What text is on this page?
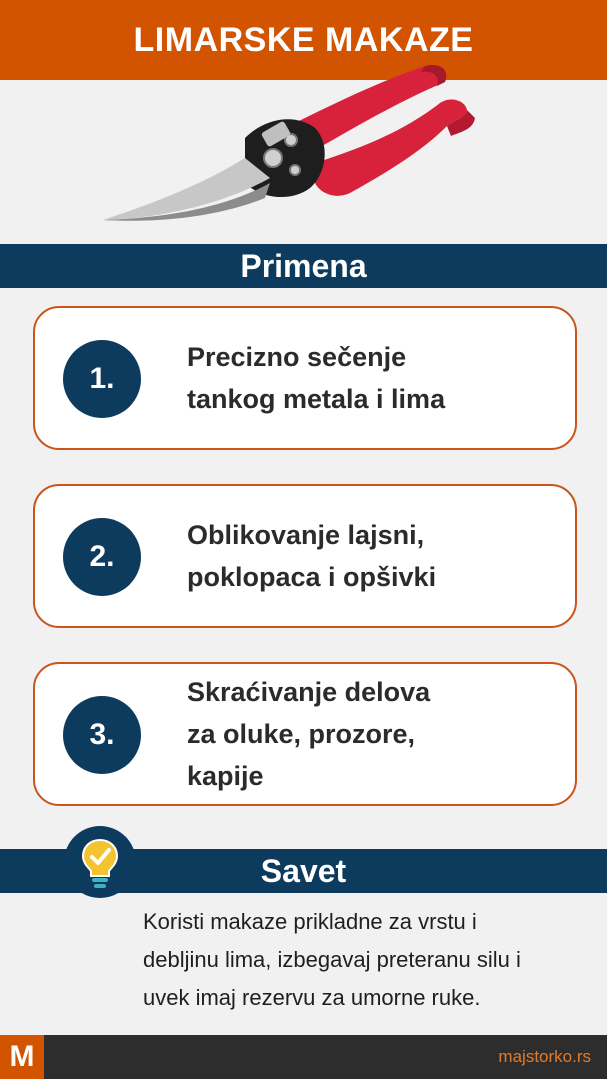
LIMARSKE MAKAZE
Primena
1.
Precizno sečenje
tankog metala i lima
2.
Oblikovanje lajsni,
poklopaca i opšivki
3.
Skraćivanje delova
za oluke, prozore,
kapije
Savet
Koristi makaze prikladne za vrstu i
debljinu lima, izbegavaj preteranu silu i
uvek imaj rezervu za umorne ruke.
M	majstorko.rs
